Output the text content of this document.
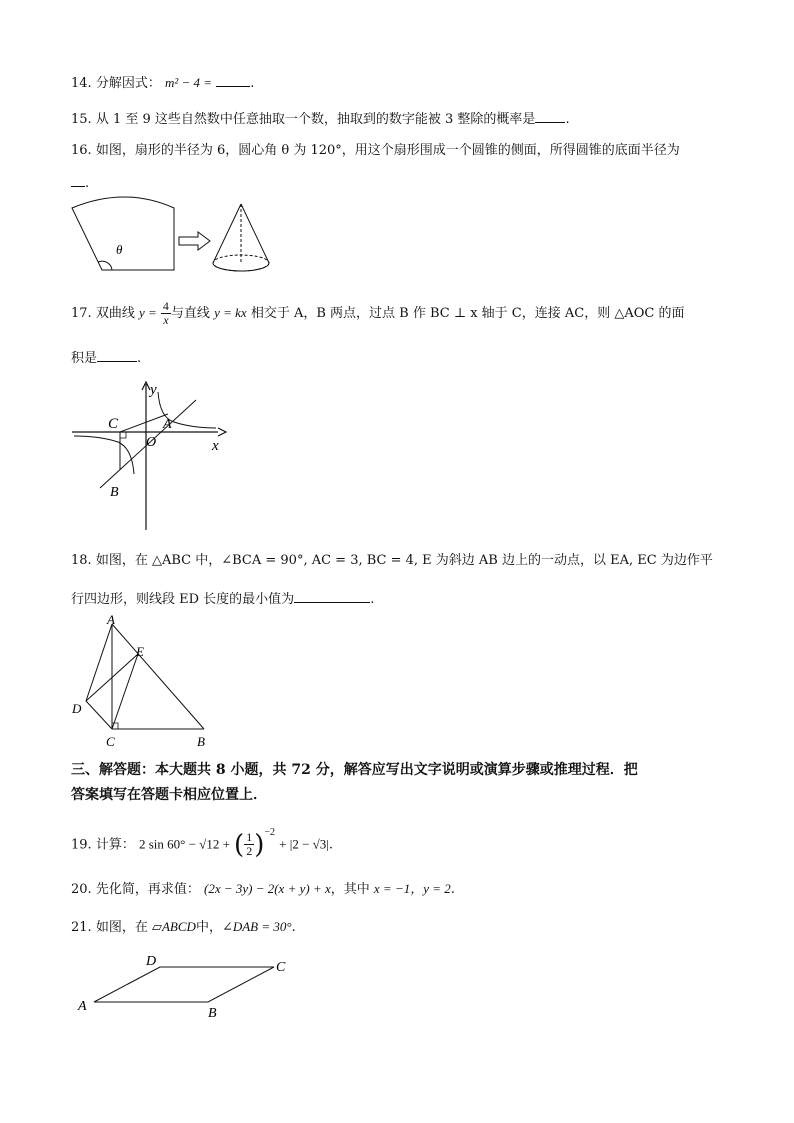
14. 分解因式： m² − 4 =	.
15. 从 1 至 9 这些自然数中任意抽取一个数，抽取到的数字能被 3 整除的概率是 .
16. 如图，扇形的半径为 6，圆心角 θ 为 120°，用这个扇形围成一个圆锥的侧面，所得圆锥的底面半径为
.
θ
17. 双曲线 $y = \frac{4}{x}$ 与直线 y = kx 相交于 A，B 两点，过点 B 作 BC ⊥ x 轴于 C，连接 AC，则 △AOC 的面
积是	.
y
x
A
C
O
B
18. 如图，在 △ABC 中，∠BCA = 90°, AC = 3, BC = 4, E 为斜边 AB 边上的一动点，以 EA, EC 为边作平
行四边形，则线段 ED 长度的最小值为	.
A
E
D
C	B
三、解答题：本大题共 8 小题，共 72 分，解答应写出文字说明或演算步骤或推理过程．把
答案填写在答题卡相应位置上．
19. 计算： 2 sin 60° − √12 + ( $\frac{1}{2} )^{-2} + |2 - √3|$.
20. 先化简，再求值： (2x − 3y) − 2(x + y) + x，其中 x = −1，y = 2.
21. 如图，在 ▱ABCD中，∠DAB = 30°.
A
D	C
B
